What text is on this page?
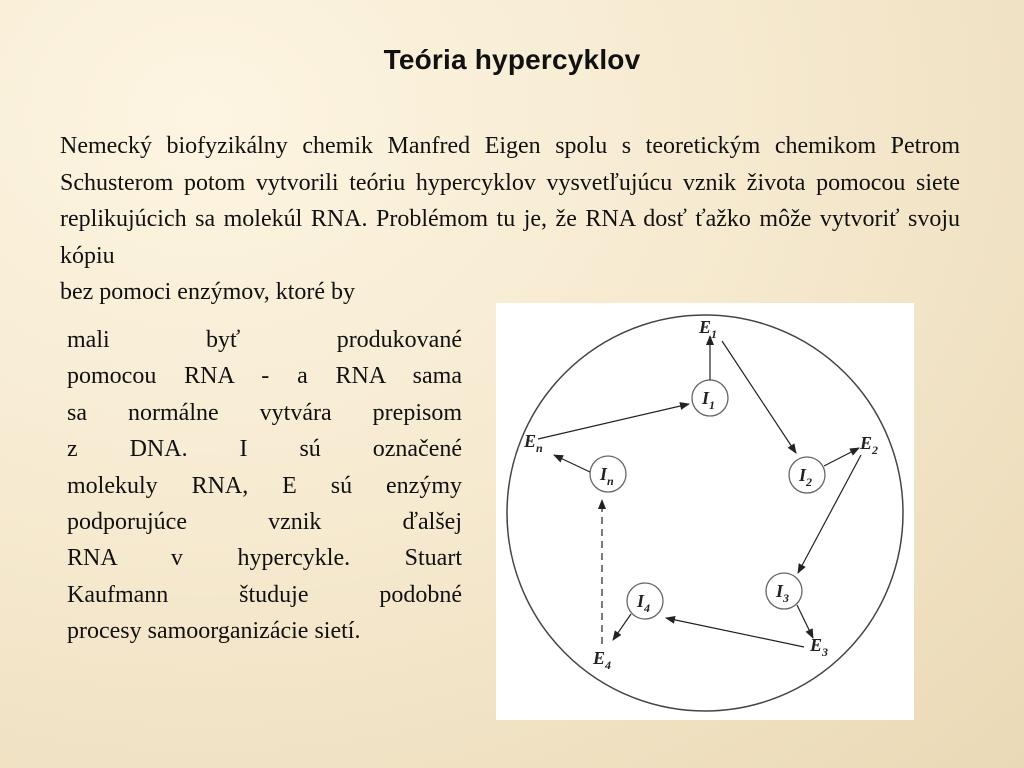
Teória hypercyklov
Nemecký biofyzikálny chemik Manfred Eigen spolu s teoretickým chemikom Petrom Schusterom potom vytvorili teóriu hypercyklov vysvetľujúcu vznik života pomocou siete replikujúcich sa molekúl RNA. Problémom tu je, že RNA dosť ťažko môže vytvoriť svoju kópiu
bez pomoci enzýmov, ktoré by
mali byť produkované
pomocou RNA - a RNA sama
sa normálne vytvára prepisom
z DNA. I sú označené
molekuly RNA, E sú enzýmy
podporujúce vznik ďalšej
RNA v hypercykle. Stuart
Kaufmann študuje podobné
procesy samoorganizácie sietí.
$I_1$
$I_2$
$I_3$
$I_4$
$I_n$
$E_1$
$E_2$
$E_3$
$E_4$
$E_n$
